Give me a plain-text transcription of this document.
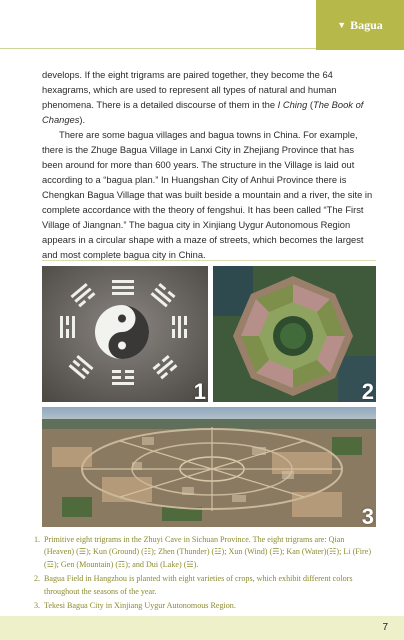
▼ Bagua

develops. If the eight trigrams are paired together, they become the 64 hexagrams, which are used to represent all types of natural and human phenomena. There is a detailed discourse of them in the I Ching (The Book of Changes).

There are some bagua villages and bagua towns in China. For example, there is the Zhuge Bagua Village in Lanxi City in Zhejiang Province that has been around for more than 600 years. The structure in the Village is laid out according to a “bagua plan.” In Huangshan City of Anhui Province there is Chengkan Bagua Village that was built beside a mountain and a river, the site in complete accordance with the theory of fengshui. It has been called “The First Village of Jiangnan.” The bagua city in Xinjiang Uygur Autonomous Region appears in a circular shape with a maze of streets, which becomes the largest and most complete bagua city in China.

1	2
3
1. Primitive eight trigrams in the Zhuyi Cave in Sichuan Province. The eight trigrams are: Qian (Heaven) (☰); Kun (Ground) (☷); Zhen (Thunder) (☳); Xun (Wind) (☴); Kan (Water)(☵); Li (Fire) (☲); Gen (Mountain) (☶); and Dui (Lake) (☱).
2. Bagua Field in Hangzhou is planted with eight varieties of crops, which exhibit different colors throughout the seasons of the year.
3. Tekesi Bagua City in Xinjiang Uygur Autonomous Region.
7
